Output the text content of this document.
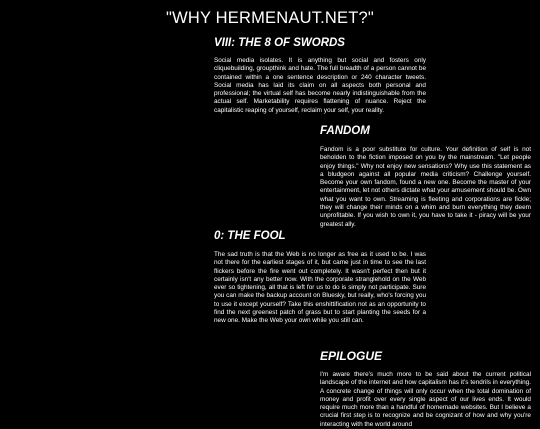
"WHY HERMENAUT.NET?"
VIII: THE 8 OF SWORDS

Social media isolates. It is anything but social and fosters only cliquebuilding, groupthink and hate. The full breadth of a person cannot be contained within a one sentence description or 240 character tweets. Social media has laid its claim on all aspects both personal and professional; the virtual self has become nearly indistinguishable from the actual self. Marketability requires flattening of nuance. Reject the capitalistic reaping of yourself, reclaim your self, your reality.

FANDOM

Fandom is a poor substitute for culture. Your definition of self is not beholden to the fiction imposed on you by the mainstream. "Let people enjoy things." Why not enjoy new sensations? Why use this statement as a bludgeon against all popular media criticism? Challenge yourself. Become your own fandom, found a new one. Become the master of your entertainment, let not others dictate what your amusement should be. Own what you want to own. Streaming is fleeting and corporations are fickle; they will change their minds on a whim and burn everything they deem unprofitable. If you wish to own it, you have to take it - piracy will be your greatest ally.

0: THE FOOL

The sad truth is that the Web is no longer as free as it used to be. I was not there for the earliest stages of it, but came just in time to see the last flickers before the fire went out completely. It wasn't perfect then but it certainly isn't any better now. With the corporate stranglehold on the Web ever so tightening, all that is left for us to do is simply not participate. Sure you can make the backup account on Bluesky, but really, who's forcing you to use it except yourself? Take this enshittification not as an opportunity to find the next greenest patch of grass but to start planting the seeds for a new one. Make the Web your own while you still can.

EPILOGUE

I'm aware there's much more to be said about the current political landscape of the internet and how capitalism has it's tendrils in everything. A concrete change of things will only occur when the total domination of money and profit over every single aspect of our lives ends. It would require much more than a handful of homemade websites. But I believe a crucial first step is to recognize and be cognizant of how and why you're interacting with the world around
